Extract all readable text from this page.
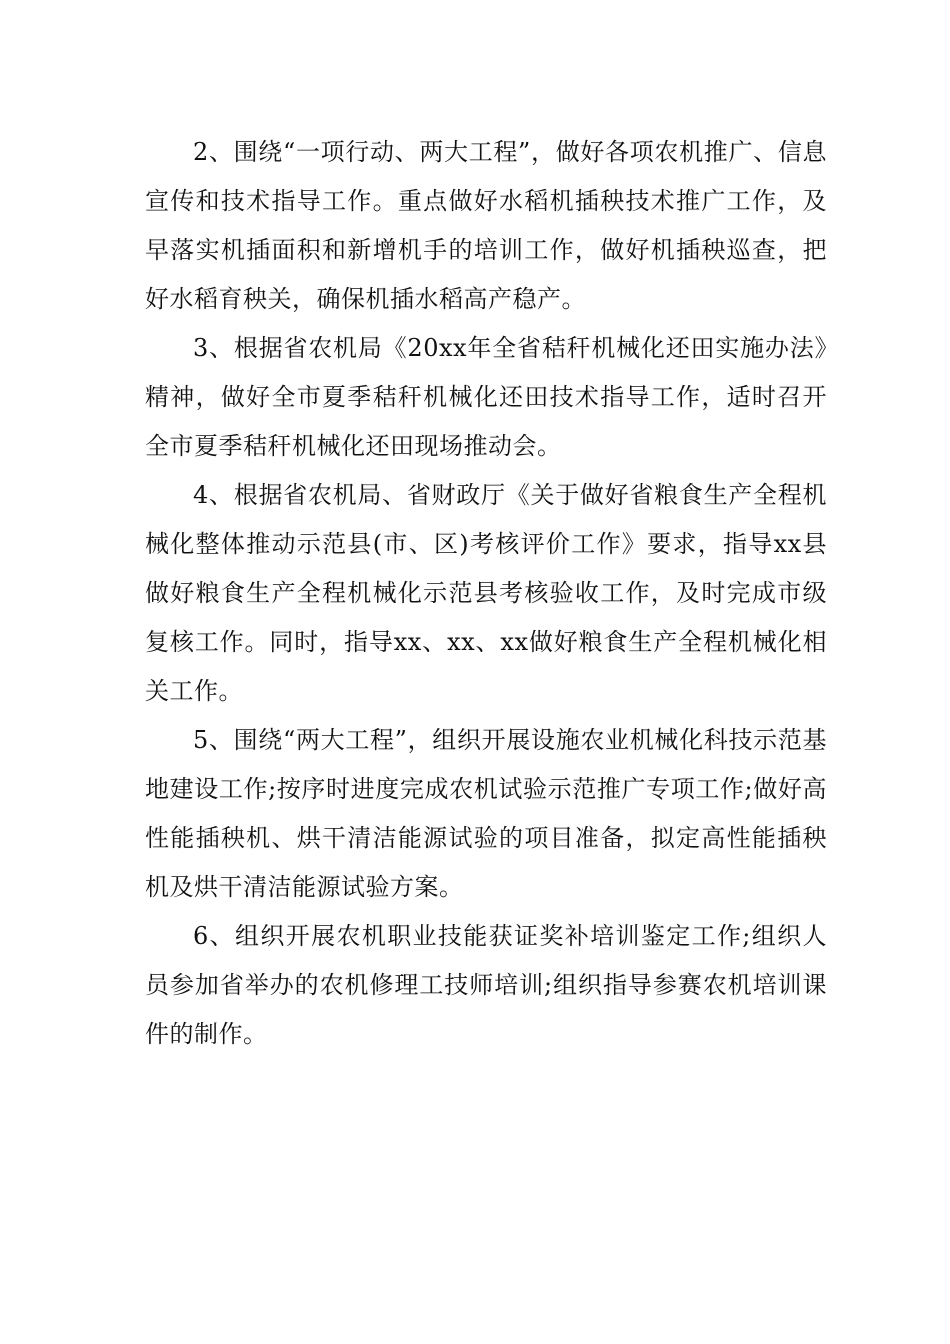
2、围绕“一项行动、两大工程”，做好各项农机推广、信息宣传和技术指导工作。重点做好水稻机插秧技术推广工作，及早落实机插面积和新增机手的培训工作，做好机插秧巡查，把好水稻育秧关，确保机插水稻高产稳产。

3、根据省农机局《20xx年全省秸秆机械化还田实施办法》精神，做好全市夏季秸秆机械化还田技术指导工作，适时召开全市夏季秸秆机械化还田现场推动会。

4、根据省农机局、省财政厅《关于做好省粮食生产全程机械化整体推动示范县(市、区)考核评价工作》要求，指导xx县做好粮食生产全程机械化示范县考核验收工作，及时完成市级复核工作。同时，指导xx、xx、xx做好粮食生产全程机械化相关工作。

5、围绕“两大工程”，组织开展设施农业机械化科技示范基地建设工作;按序时进度完成农机试验示范推广专项工作;做好高性能插秧机、烘干清洁能源试验的项目准备，拟定高性能插秧机及烘干清洁能源试验方案。

6、组织开展农机职业技能获证奖补培训鉴定工作;组织人员参加省举办的农机修理工技师培训;组织指导参赛农机培训课件的制作。
